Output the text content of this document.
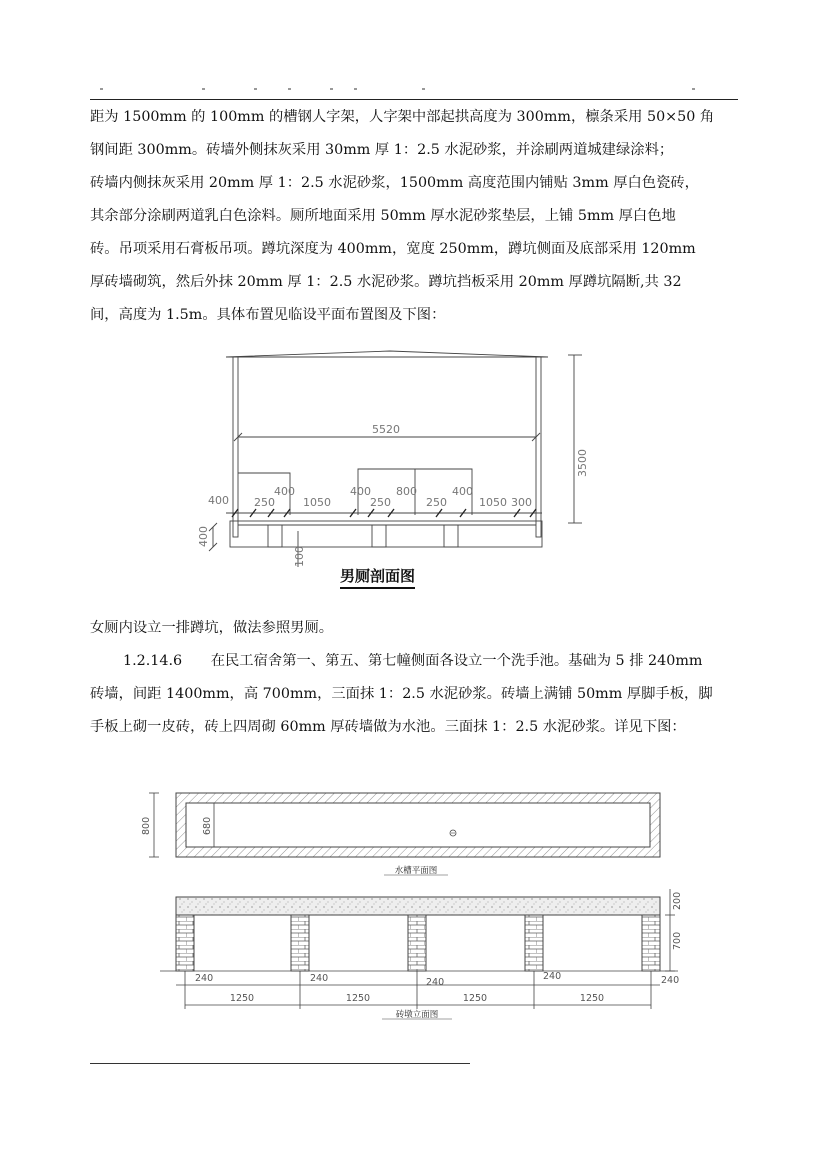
距为 1500mm 的 100mm 的槽钢人字架，人字架中部起拱高度为 300mm，檩条采用 50×50 角
钢间距 300mm。砖墙外侧抹灰采用 30mm 厚 1：2.5 水泥砂浆，并涂刷两道城建绿涂料；
砖墙内侧抹灰采用 20mm 厚 1：2.5 水泥砂浆，1500mm 高度范围内铺贴 3mm 厚白色瓷砖，
其余部分涂刷两道乳白色涂料。厕所地面采用 50mm 厚水泥砂浆垫层，上铺 5mm 厚白色地
砖。吊项采用石膏板吊项。蹲坑深度为 400mm，宽度 250mm，蹲坑侧面及底部采用 120mm
厚砖墙砌筑，然后外抹 20mm 厚 1：2.5 水泥砂浆。蹲坑挡板采用 20mm 厚蹲坑隔断,共 32
间，高度为 1.5m。具体布置见临设平面布置图及下图：
5520
400 250
400
1050
400
250
800
250
400
1050 300
3500
400
100
男厕剖面图

女厕内设立一排蹲坑，做法参照男厕。

1.2.14.6　　在民工宿舍第一、第五、第七幢侧面各设立一个洗手池。基础为 5 排 240mm
砖墙，间距 1400mm，高 700mm，三面抹 1：2.5 水泥砂浆。砖墙上满铺 50mm 厚脚手板，脚
手板上砌一皮砖，砖上四周砌 60mm 厚砖墙做为水池。三面抹 1：2.5 水泥砂浆。详见下图：
800	680
水槽平面图
200
700
240	240	240
240	240
1250	1250	1250	1250
砖墩立面图
